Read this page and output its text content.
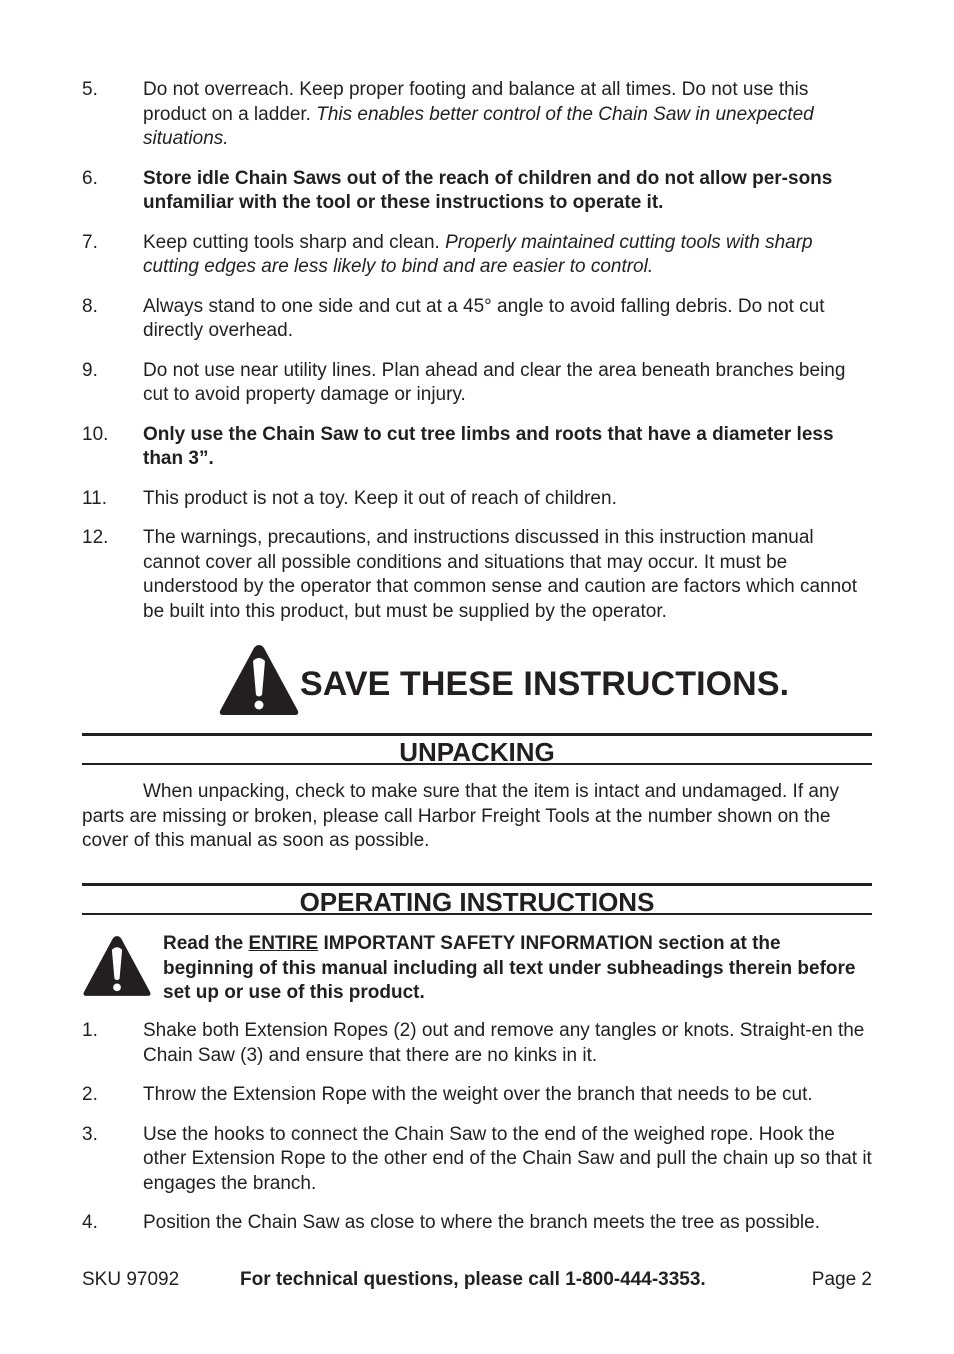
5. Do not overreach. Keep proper footing and balance at all times. Do not use this product on a ladder. This enables better control of the Chain Saw in unexpected situations.
6. Store idle Chain Saws out of the reach of children and do not allow per-sons unfamiliar with the tool or these instructions to operate it.
7. Keep cutting tools sharp and clean. Properly maintained cutting tools with sharp cutting edges are less likely to bind and are easier to control.
8. Always stand to one side and cut at a 45° angle to avoid falling debris. Do not cut directly overhead.
9. Do not use near utility lines. Plan ahead and clear the area beneath branches being cut to avoid property damage or injury.
10. Only use the Chain Saw to cut tree limbs and roots that have a diameter less than 3”.
11. This product is not a toy. Keep it out of reach of children.
12. The warnings, precautions, and instructions discussed in this instruction manual cannot cover all possible conditions and situations that may occur. It must be understood by the operator that common sense and caution are factors which cannot be built into this product, but must be supplied by the operator.
SAVE THESE INSTRUCTIONS.
UNPACKING
When unpacking, check to make sure that the item is intact and undamaged. If any parts are missing or broken, please call Harbor Freight Tools at the number shown on the cover of this manual as soon as possible.
OPERATING INSTRUCTIONS
Read the ENTIRE IMPORTANT SAFETY INFORMATION section at the beginning of this manual including all text under subheadings therein before set up or use of this product.
1. Shake both Extension Ropes (2) out and remove any tangles or knots. Straight-en the Chain Saw (3) and ensure that there are no kinks in it.
2. Throw the Extension Rope with the weight over the branch that needs to be cut.
3. Use the hooks to connect the Chain Saw to the end of the weighed rope. Hook the other Extension Rope to the other end of the Chain Saw and pull the chain up so that it engages the branch.
4. Position the Chain Saw as close to where the branch meets the tree as possible.
SKU 97092	For technical questions, please call 1-800-444-3353.	Page 2
